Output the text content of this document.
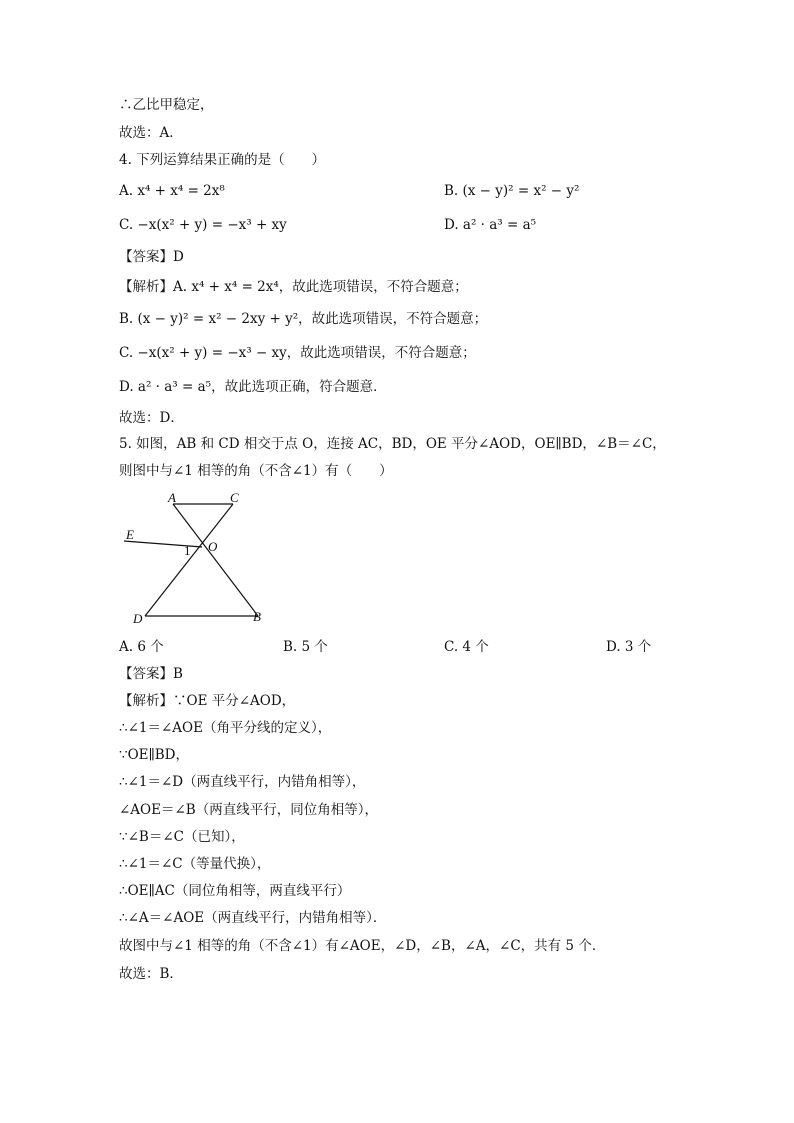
∴乙比甲稳定，
故选：A．
4. 下列运算结果正确的是（　　）
A. x⁴ + x⁴ = 2x⁸	B. (x − y)² = x² − y²
C. −x(x² + y) = −x³ + xy	D. a² · a³ = a⁵
【答案】D
【解析】A. x⁴ + x⁴ = 2x⁴，故此选项错误，不符合题意；
B. (x − y)² = x² − 2xy + y²，故此选项错误，不符合题意；
C. −x(x² + y) = −x³ − xy，故此选项错误，不符合题意；
D. a² · a³ = a⁵，故此选项正确，符合题意．
故选：D．
5. 如图，AB 和 CD 相交于点 O，连接 AC，BD，OE 平分∠AOD，OE∥BD，∠B＝∠C，
则图中与∠1 相等的角（不含∠1）有（　　）
A	C
E
O
1
D	B
A. 6 个	B. 5 个	C. 4 个	D. 3 个
【答案】B
【解析】∵OE 平分∠AOD，
∴∠1＝∠AOE（角平分线的定义），
∵OE∥BD，
∴∠1＝∠D（两直线平行，内错角相等），
∠AOE＝∠B（两直线平行，同位角相等），
∵∠B＝∠C（已知），
∴∠1＝∠C（等量代换），
∴OE∥AC（同位角相等，两直线平行）
∴∠A＝∠AOE（两直线平行，内错角相等）．
故图中与∠1 相等的角（不含∠1）有∠AOE，∠D，∠B，∠A，∠C，共有 5 个．
故选：B．
